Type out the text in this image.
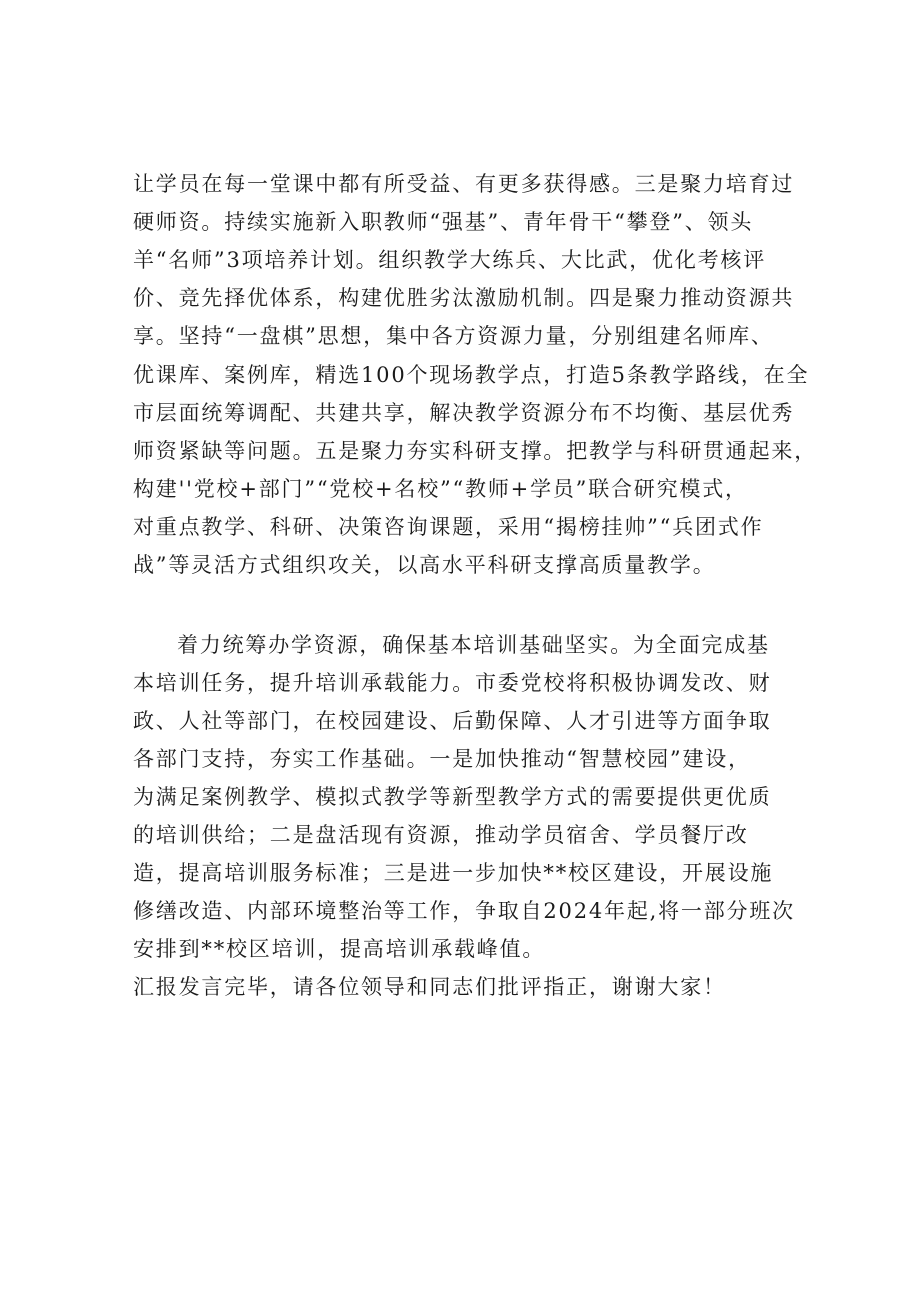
让学员在每一堂课中都有所受益、有更多获得感。三是聚力培育过
硬师资。持续实施新入职教师“强基”、青年骨干“攀登”、领头
羊“名师”3项培养计划。组织教学大练兵、大比武，优化考核评
价、竞先择优体系，构建优胜劣汰激励机制。四是聚力推动资源共
享。坚持“一盘棋”思想，集中各方资源力量，分别组建名师库、
优课库、案例库，精选100个现场教学点，打造5条教学路线，在全
市层面统筹调配、共建共享，解决教学资源分布不均衡、基层优秀
师资紧缺等问题。五是聚力夯实科研支撑。把教学与科研贯通起来，
构建''党校+部门”“党校+名校”“教师+学员”联合研究模式，
对重点教学、科研、决策咨询课题，采用“揭榜挂帅”“兵团式作
战”等灵活方式组织攻关，以高水平科研支撑高质量教学。
着力统筹办学资源，确保基本培训基础坚实。为全面完成基
本培训任务，提升培训承载能力。市委党校将积极协调发改、财
政、人社等部门，在校园建设、后勤保障、人才引进等方面争取
各部门支持，夯实工作基础。一是加快推动“智慧校园”建设，
为满足案例教学、模拟式教学等新型教学方式的需要提供更优质
的培训供给；二是盘活现有资源，推动学员宿舍、学员餐厅改
造，提高培训服务标准；三是进一步加快**校区建设，开展设施
修缮改造、内部环境整治等工作，争取自2024年起,将一部分班次
安排到**校区培训，提高培训承载峰值。
汇报发言完毕，请各位领导和同志们批评指正，谢谢大家！
